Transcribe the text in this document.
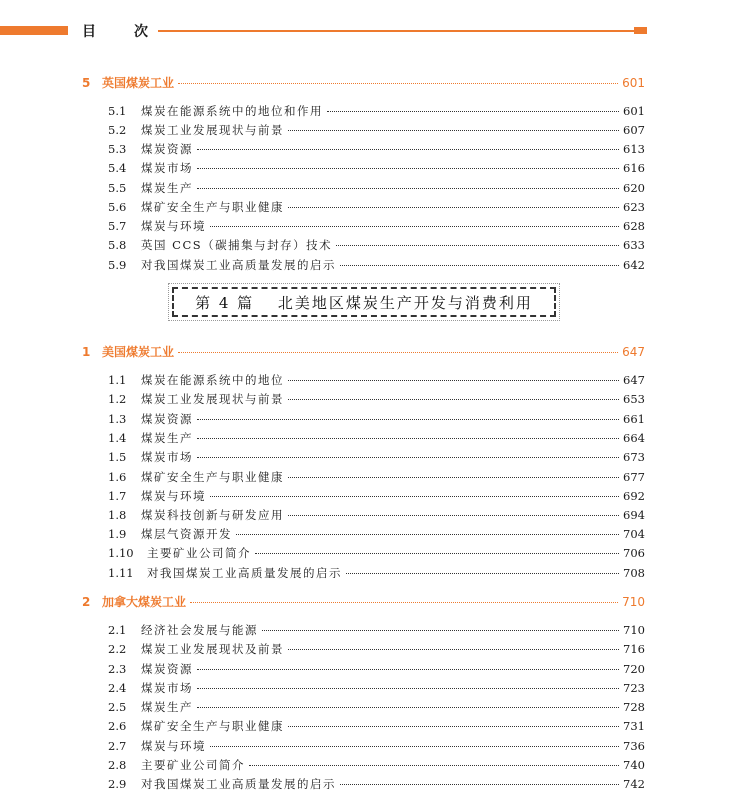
目	次
第 4 篇　 北美地区煤炭生产开发与消费利用
5 英国煤炭工业	601
5.1	煤炭在能源系统中的地位和作用	601
5.2	煤炭工业发展现状与前景	607
5.3	煤炭资源	613
5.4	煤炭市场	616
5.5	煤炭生产	620
5.6	煤矿安全生产与职业健康	623
5.7	煤炭与环境	628
5.8	英国 CCS（碳捕集与封存）技术	633
5.9	对我国煤炭工业高质量发展的启示	642
1 美国煤炭工业	647
1.1	煤炭在能源系统中的地位	647
1.2	煤炭工业发展现状与前景	653
1.3	煤炭资源	661
1.4	煤炭生产	664
1.5	煤炭市场	673
1.6	煤矿安全生产与职业健康	677
1.7	煤炭与环境	692
1.8	煤炭科技创新与研发应用	694
1.9	煤层气资源开发	704
1.10	主要矿业公司简介	706
1.11	对我国煤炭工业高质量发展的启示	708
2 加拿大煤炭工业	710
2.1	经济社会发展与能源	710
2.2	煤炭工业发展现状及前景	716
2.3	煤炭资源	720
2.4	煤炭市场	723
2.5	煤炭生产	728
2.6	煤矿安全生产与职业健康	731
2.7	煤炭与环境	736
2.8	主要矿业公司简介	740
2.9	对我国煤炭工业高质量发展的启示	742
